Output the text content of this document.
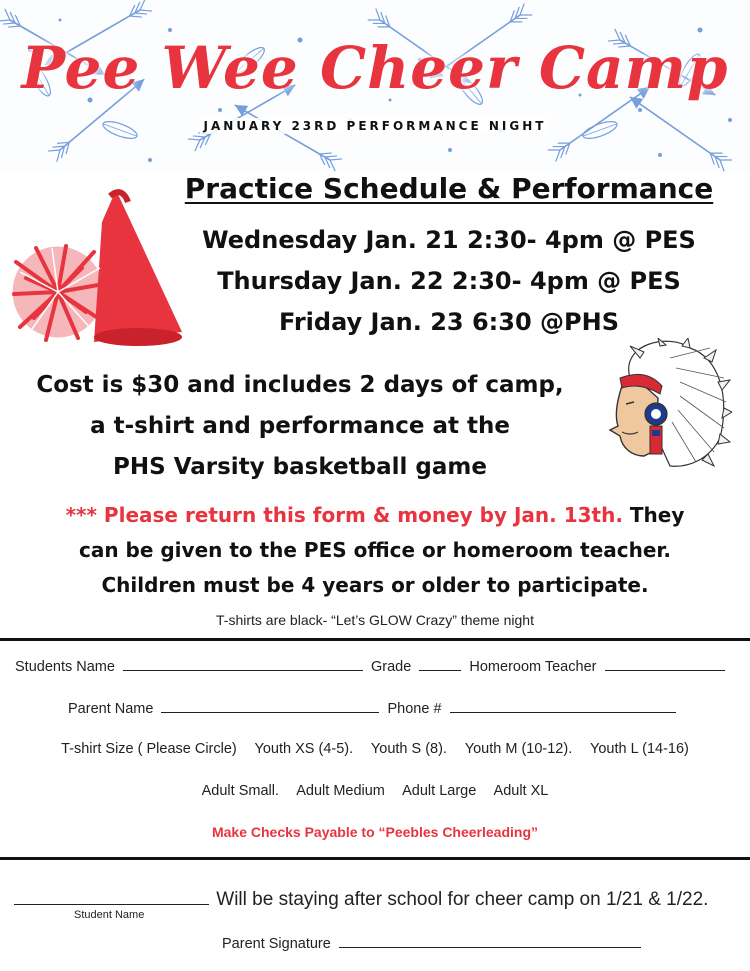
Pee Wee Cheer Camp
JANUARY 23RD PERFORMANCE NIGHT
Practice Schedule & Performance
Wednesday Jan. 21 2:30- 4pm @ PES
Thursday Jan. 22 2:30- 4pm @ PES
Friday Jan. 23 6:30 @PHS
Cost is $30 and includes 2 days of camp,
a t-shirt and performance at the
PHS Varsity basketball game
*** Please return this form & money by Jan. 13th. They
can be given to the PES office or homeroom teacher.
Children must be 4 years or older to participate.
T-shirts are black- “Let’s GLOW Crazy” theme night
Students Name	Grade	Homeroom Teacher
Parent Name	Phone #
T-shirt Size ( Please Circle) Youth XS (4-5). Youth S (8). Youth M (10-12). Youth L (14-16)
Adult Small. Adult Medium Adult Large Adult XL
Make Checks Payable to “Peebles Cheerleading”
Will be staying after school for cheer camp on 1/21 & 1/22.
Student Name
Parent Signature
